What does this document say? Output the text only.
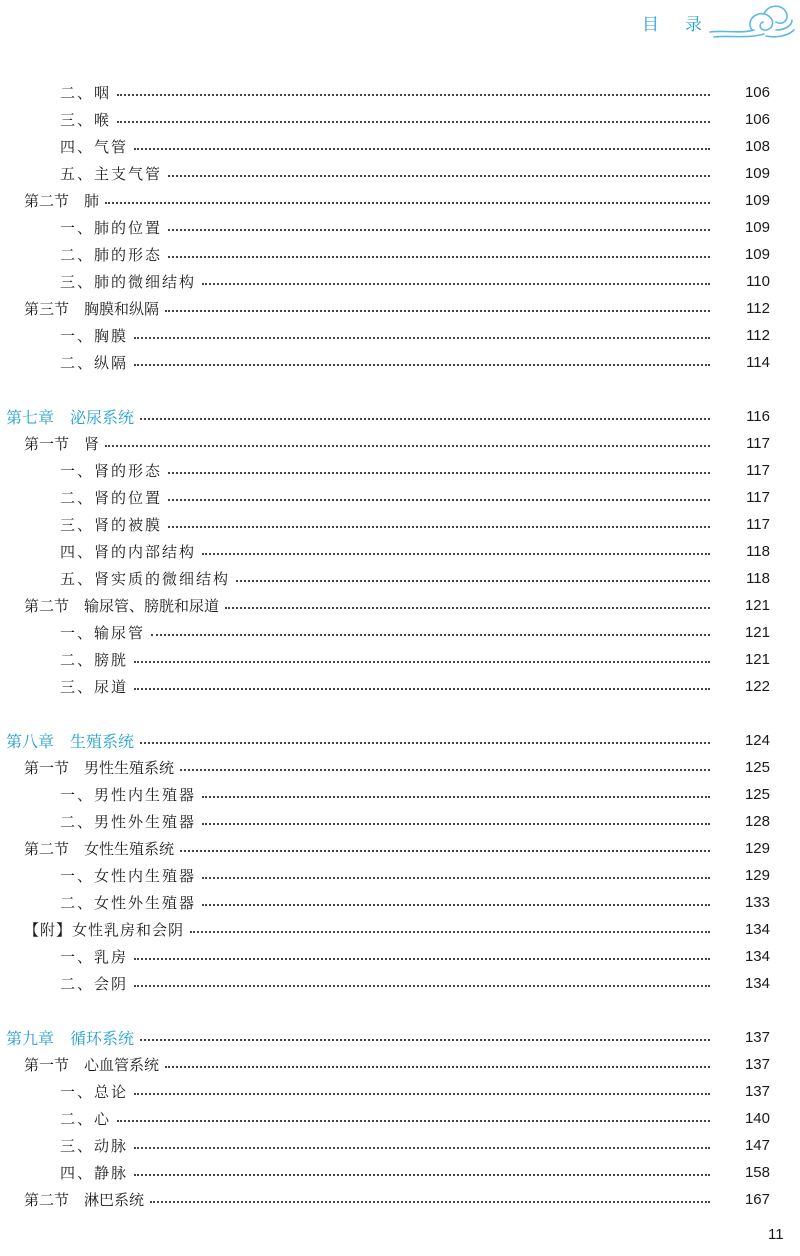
目 录
二、咽	106
三、喉	106
四、气管	108
五、主支气管	109
第二节　肺	109
一、肺的位置	109
二、肺的形态	109
三、肺的微细结构	110
第三节　胸膜和纵隔	112
一、胸膜	112
二、纵隔	114
第七章　泌尿系统	116
第一节　肾	117
一、肾的形态	117
二、肾的位置	117
三、肾的被膜	117
四、肾的内部结构	118
五、肾实质的微细结构	118
第二节　输尿管、膀胱和尿道	121
一、输尿管	121
二、膀胱	121
三、尿道	122
第八章　生殖系统	124
第一节　男性生殖系统	125
一、男性内生殖器	125
二、男性外生殖器	128
第二节　女性生殖系统	129
一、女性内生殖器	129
二、女性外生殖器	133
【附】女性乳房和会阴	134
一、乳房	134
二、会阴	134
第九章　循环系统	137
第一节　心血管系统	137
一、总论	137
二、心	140
三、动脉	147
四、静脉	158
第二节　淋巴系统	167
11
